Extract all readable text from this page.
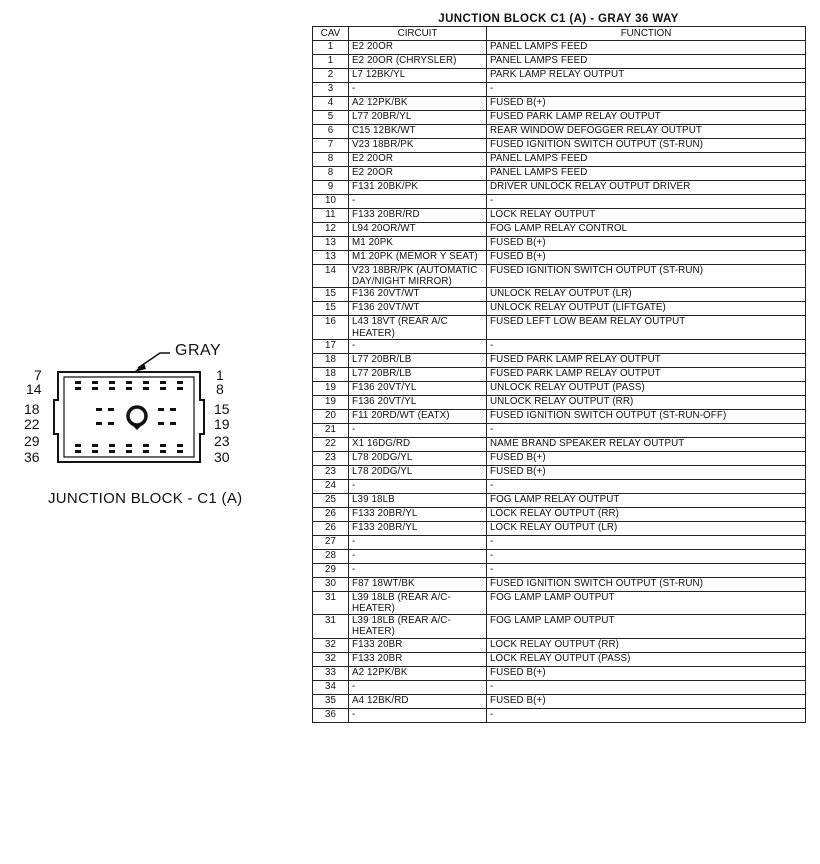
GRAY
7
14
1
8
18
22
15
19
29
36
23
30
JUNCTION BLOCK - C1 (A)
JUNCTION BLOCK C1 (A) - GRAY 36 WAY
CAV	CIRCUIT	FUNCTION
1	E2 20OR	PANEL LAMPS FEED
1	E2 20OR (CHRYSLER)	PANEL LAMPS FEED
2	L7 12BK/YL	PARK LAMP RELAY OUTPUT
3	-	-
4	A2 12PK/BK	FUSED B(+)
5	L77 20BR/YL	FUSED PARK LAMP RELAY OUTPUT
6	C15 12BK/WT	REAR WINDOW DEFOGGER RELAY OUTPUT
7	V23 18BR/PK	FUSED IGNITION SWITCH OUTPUT (ST-RUN)
8	E2 20OR	PANEL LAMPS FEED
8	E2 20OR	PANEL LAMPS FEED
9	F131 20BK/PK	DRIVER UNLOCK RELAY OUTPUT DRIVER
10	-	-
11	F133 20BR/RD	LOCK RELAY OUTPUT
12	L94 20OR/WT	FOG LAMP RELAY CONTROL
13	M1 20PK	FUSED B(+)
13	M1 20PK (MEMOR Y SEAT)	FUSED B(+)
14	V23 18BR/PK (AUTOMATIC DAY/NIGHT MIRROR)	FUSED IGNITION SWITCH OUTPUT (ST-RUN)
15	F136 20VT/WT	UNLOCK RELAY OUTPUT (LR)
15	F136 20VT/WT	UNLOCK RELAY OUTPUT (LIFTGATE)
16	L43 18VT (REAR A/C HEATER)	FUSED LEFT LOW BEAM RELAY OUTPUT
17	-	-
18	L77 20BR/LB	FUSED PARK LAMP RELAY OUTPUT
18	L77 20BR/LB	FUSED PARK LAMP RELAY OUTPUT
19	F136 20VT/YL	UNLOCK RELAY OUTPUT (PASS)
19	F136 20VT/YL	UNLOCK RELAY OUTPUT (RR)
20	F11 20RD/WT (EATX)	FUSED IGNITION SWITCH OUTPUT (ST-RUN-OFF)
21	-	-
22	X1 16DG/RD	NAME BRAND SPEAKER RELAY OUTPUT
23	L78 20DG/YL	FUSED B(+)
23	L78 20DG/YL	FUSED B(+)
24	-	-
25	L39 18LB	FOG LAMP RELAY OUTPUT
26	F133 20BR/YL	LOCK RELAY OUTPUT (RR)
26	F133 20BR/YL	LOCK RELAY OUTPUT (LR)
27	-	-
28	-	-
29	-	-
30	F87 18WT/BK	FUSED IGNITION SWITCH OUTPUT (ST-RUN)
31	L39 18LB (REAR A/C-HEATER)	FOG LAMP LAMP OUTPUT
31	L39 18LB (REAR A/C-HEATER)	FOG LAMP LAMP OUTPUT
32	F133 20BR	LOCK RELAY OUTPUT (RR)
32	F133 20BR	LOCK RELAY OUTPUT (PASS)
33	A2 12PK/BK	FUSED B(+)
34	-	-
35	A4 12BK/RD	FUSED B(+)
36	-	-
